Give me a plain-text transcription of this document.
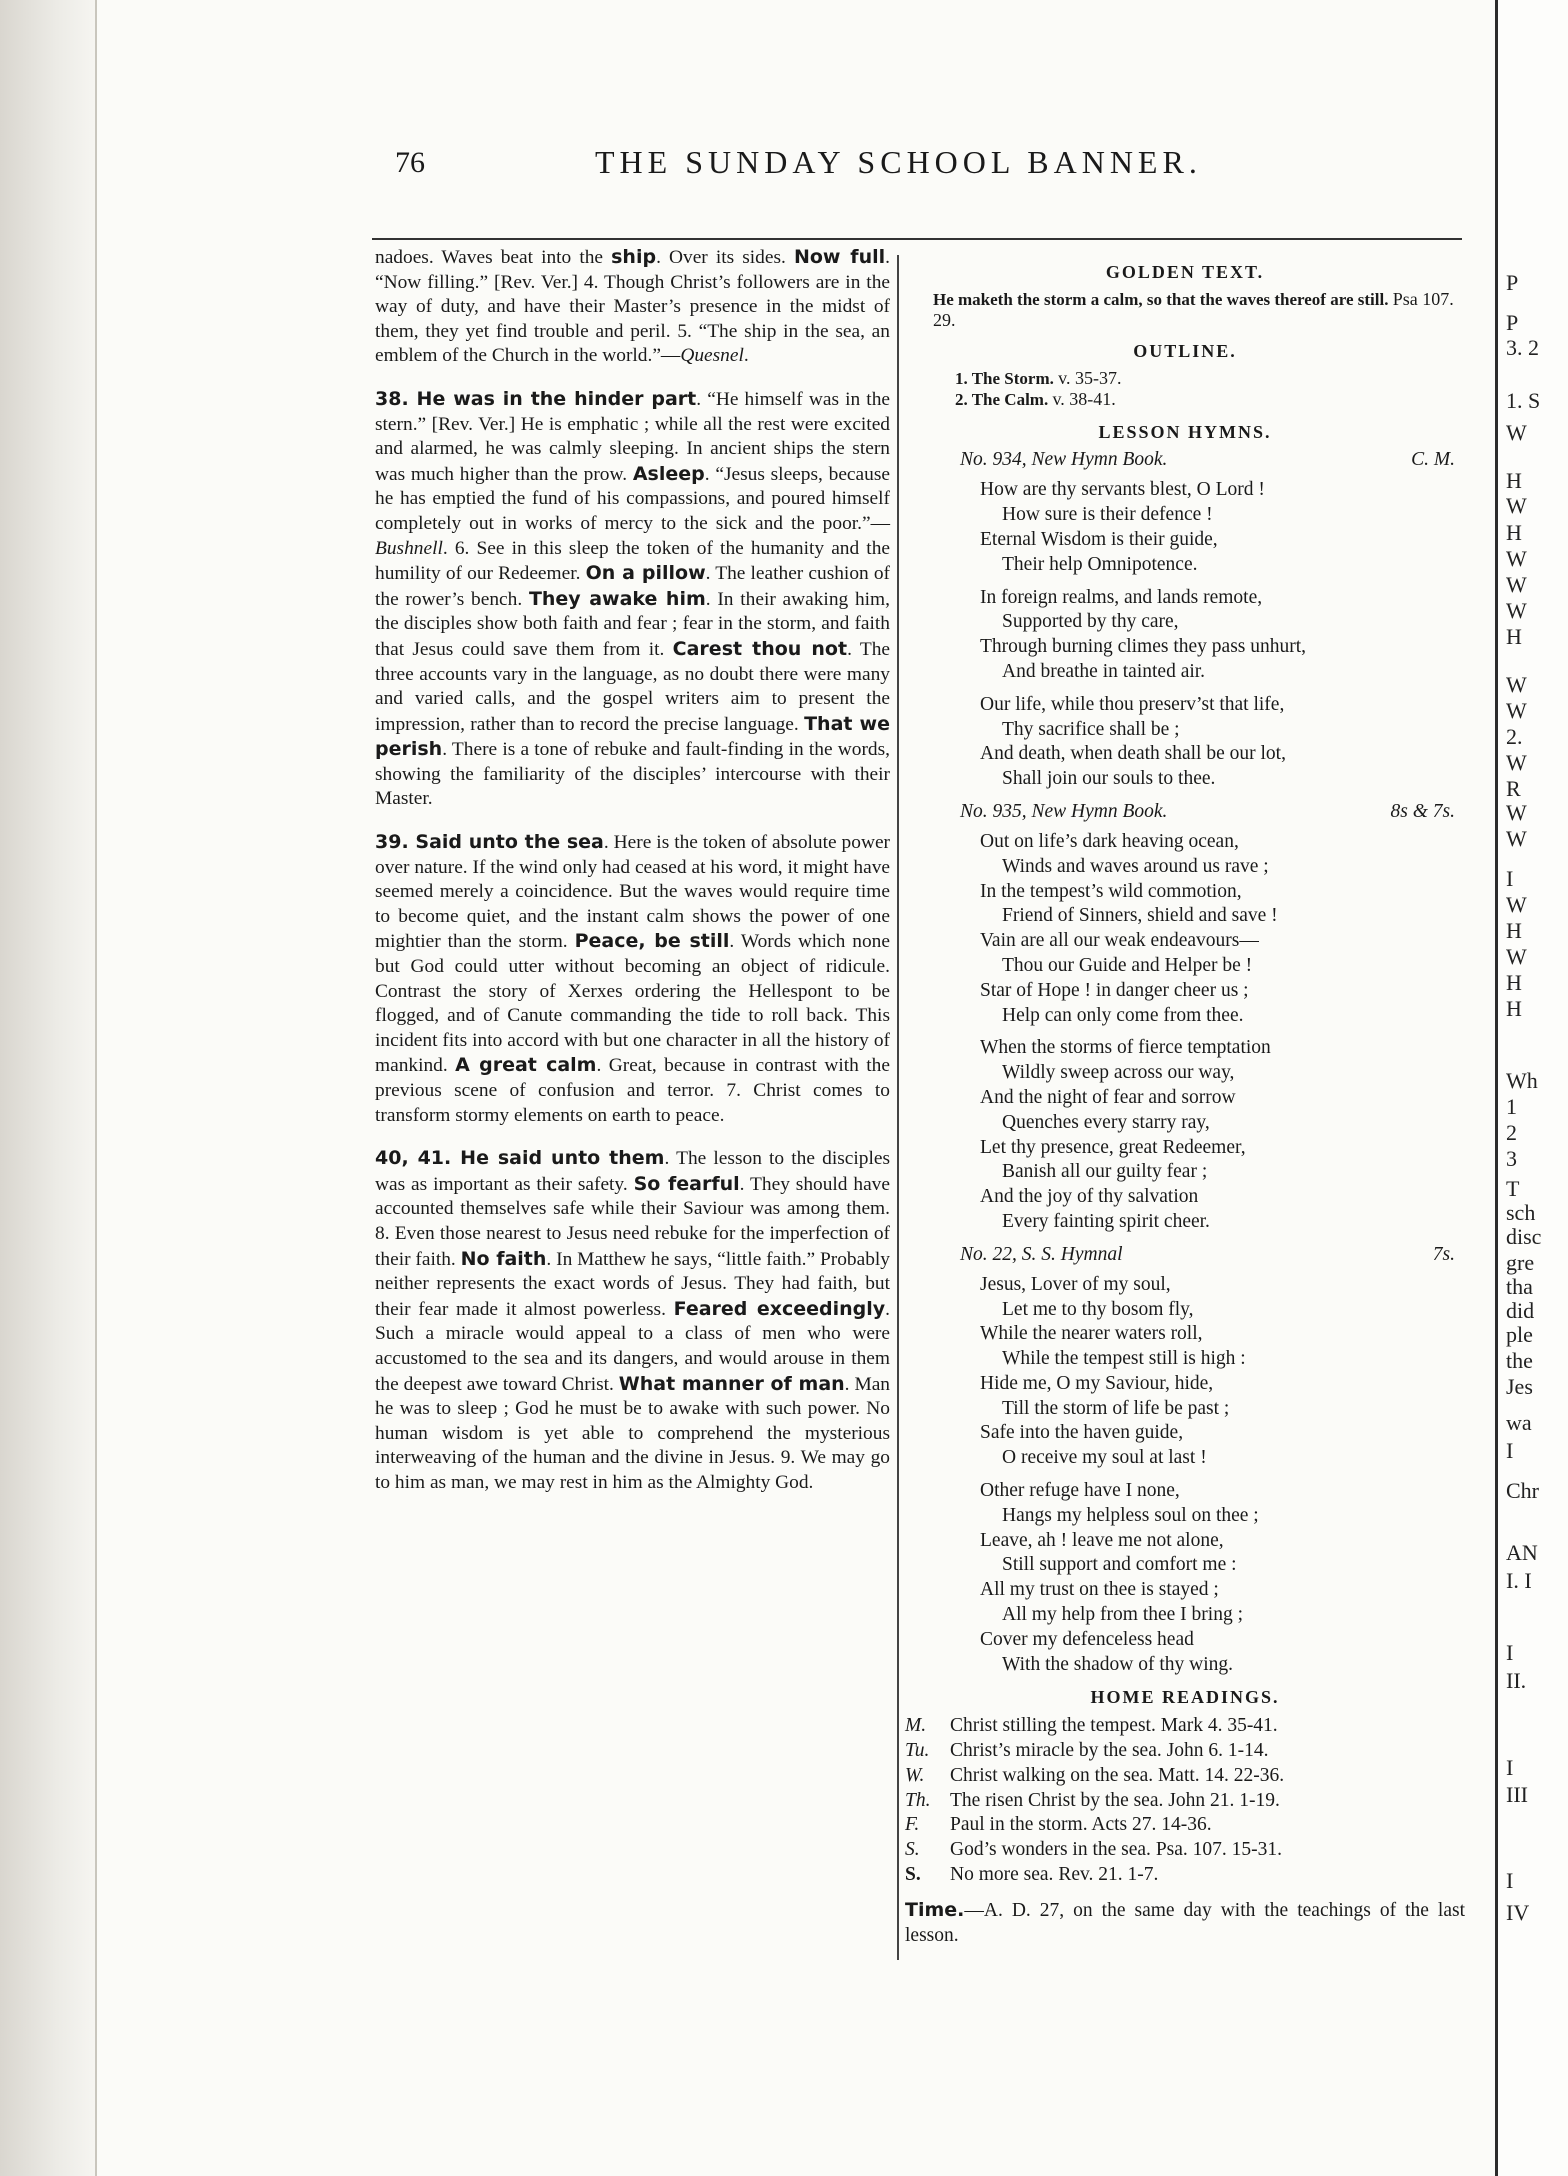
76	THE SUNDAY SCHOOL BANNER.

nadoes. Waves beat into the ship. Over its sides. Now full. “Now filling.” [Rev. Ver.] 4. Though Christ’s followers are in the way of duty, and have their Master’s presence in the midst of them, they yet find trouble and peril. 5. “The ship in the sea, an emblem of the Church in the world.”—Quesnel.

38. He was in the hinder part. “He himself was in the stern.” [Rev. Ver.] He is emphatic ; while all the rest were excited and alarmed, he was calmly sleeping. In ancient ships the stern was much higher than the prow. Asleep. “Jesus sleeps, because he has emptied the fund of his compassions, and poured himself completely out in works of mercy to the sick and the poor.”—Bushnell. 6. See in this sleep the token of the humanity and the humility of our Redeemer. On a pillow. The leather cushion of the rower’s bench. They awake him. In their awaking him, the disciples show both faith and fear ; fear in the storm, and faith that Jesus could save them from it. Carest thou not. The three accounts vary in the language, as no doubt there were many and varied calls, and the gospel writers aim to present the impression, rather than to record the precise language. That we perish. There is a tone of rebuke and fault-finding in the words, showing the familiarity of the disciples’ intercourse with their Master.

39. Said unto the sea. Here is the token of absolute power over nature. If the wind only had ceased at his word, it might have seemed merely a coincidence. But the waves would require time to become quiet, and the instant calm shows the power of one mightier than the storm. Peace, be still. Words which none but God could utter without becoming an object of ridicule. Contrast the story of Xerxes ordering the Hellespont to be flogged, and of Canute commanding the tide to roll back. This incident fits into accord with but one character in all the history of mankind. A great calm. Great, because in contrast with the previous scene of confusion and terror. 7. Christ comes to transform stormy elements on earth to peace.

40, 41. He said unto them. The lesson to the disciples was as important as their safety. So fearful. They should have accounted themselves safe while their Saviour was among them. 8. Even those nearest to Jesus need rebuke for the imperfection of their faith. No faith. In Matthew he says, “little faith.” Probably neither represents the exact words of Jesus. They had faith, but their fear made it almost powerless. Feared exceedingly. Such a miracle would appeal to a class of men who were accustomed to the sea and its dangers, and would arouse in them the deepest awe toward Christ. What manner of man. Man he was to sleep ; God he must be to awake with such power. No human wisdom is yet able to comprehend the mysterious interweaving of the human and the divine in Jesus. 9. We may go to him as man, we may rest in him as the Almighty God.

GOLDEN TEXT.
He maketh the storm a calm, so that the waves thereof are still. Psa 107. 29.
OUTLINE.
1. The Storm. v. 35-37.
2. The Calm. v. 38-41.
LESSON HYMNS.
No. 934, New Hymn Book.	C. M.
How are thy servants blest, O Lord !
How sure is their defence !
Eternal Wisdom is their guide,
Their help Omnipotence.
In foreign realms, and lands remote,
Supported by thy care,
Through burning climes they pass unhurt,
And breathe in tainted air.
Our life, while thou preserv’st that life,
Thy sacrifice shall be ;
And death, when death shall be our lot,
Shall join our souls to thee.
No. 935, New Hymn Book.	8s & 7s.
Out on life’s dark heaving ocean,
Winds and waves around us rave ;
In the tempest’s wild commotion,
Friend of Sinners, shield and save !
Vain are all our weak endeavours—
Thou our Guide and Helper be !
Star of Hope ! in danger cheer us ;
Help can only come from thee.
When the storms of fierce temptation
Wildly sweep across our way,
And the night of fear and sorrow
Quenches every starry ray,
Let thy presence, great Redeemer,
Banish all our guilty fear ;
And the joy of thy salvation
Every fainting spirit cheer.
No. 22, S. S. Hymnal	7s.
Jesus, Lover of my soul,
Let me to thy bosom fly,
While the nearer waters roll,
While the tempest still is high :
Hide me, O my Saviour, hide,
Till the storm of life be past ;
Safe into the haven guide,
O receive my soul at last !
Other refuge have I none,
Hangs my helpless soul on thee ;
Leave, ah ! leave me not alone,
Still support and comfort me :
All my trust on thee is stayed ;
All my help from thee I bring ;
Cover my defenceless head
With the shadow of thy wing.
HOME READINGS.
M. Christ stilling the tempest. Mark 4. 35-41.
Tu. Christ’s miracle by the sea. John 6. 1-14.
W. Christ walking on the sea. Matt. 14. 22-36.
Th. The risen Christ by the sea. John 21. 1-19.
F. Paul in the storm. Acts 27. 14-36.
S. God’s wonders in the sea. Psa. 107. 15-31.
S. No more sea. Rev. 21. 1-7.
Time.—A. D. 27, on the same day with the teachings of the last lesson.
P
P
3. 2
1. S
W
H
W
H
W
W
W
H
W
W
2.
W
R
W
W
I
W
H
W
H
H
Wh
1
2
3
T
sch
disc
gre
tha
did
ple
the
Jes
wa
I
Chr
AN
I. I
I
II.
I
III
I
IV
